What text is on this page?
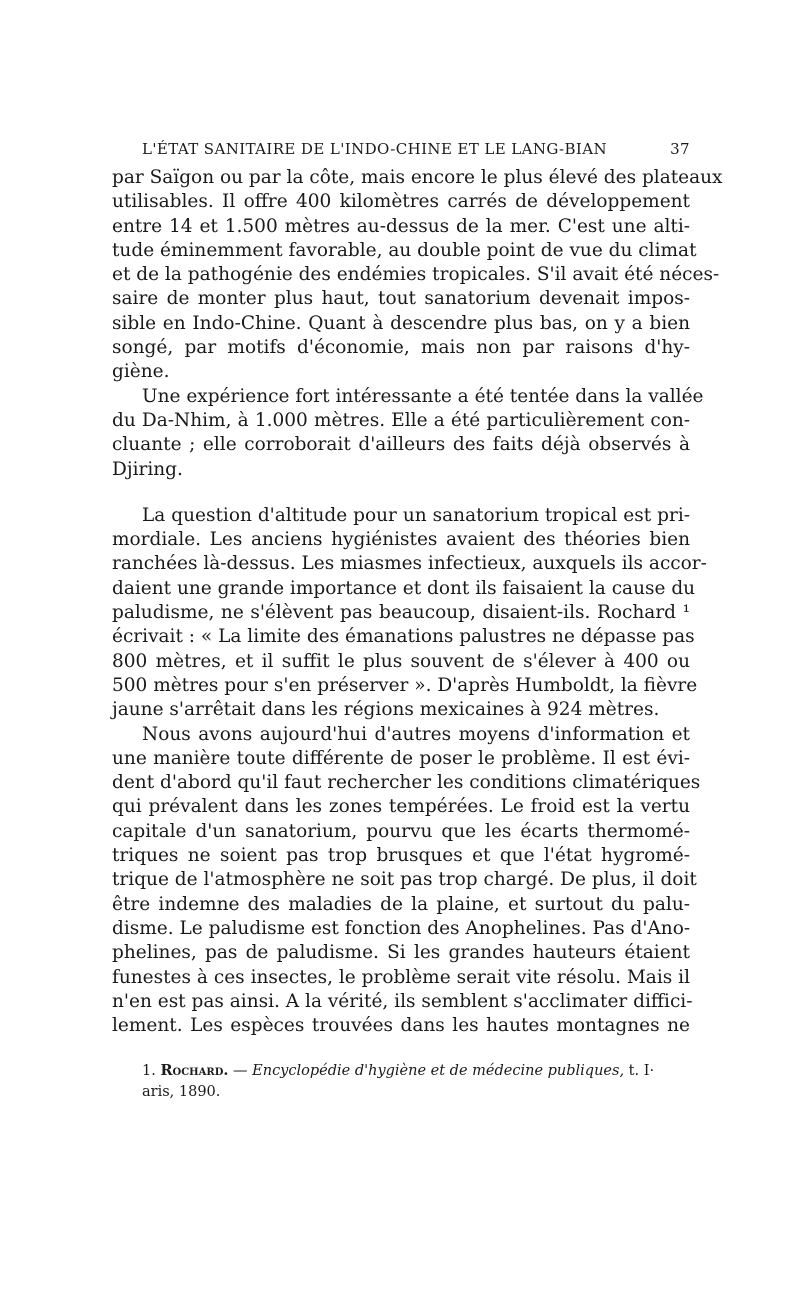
L'ÉTAT SANITAIRE DE L'INDO-CHINE ET LE LANG-BIAN	37
par Saïgon ou par la côte, mais encore le plus élevé des plateaux
utilisables. Il offre 400 kilomètres carrés de développement
entre 14 et 1.500 mètres au-dessus de la mer. C'est une alti-
tude éminemment favorable, au double point de vue du climat
et de la pathogénie des endémies tropicales. S'il avait été néces-
saire de monter plus haut, tout sanatorium devenait impos-
sible en Indo-Chine. Quant à descendre plus bas, on y a bien
songé, par motifs d'économie, mais non par raisons d'hy-
giène.
Une expérience fort intéressante a été tentée dans la vallée
du Da-Nhim, à 1.000 mètres. Elle a été particulièrement con-
cluante ; elle corroborait d'ailleurs des faits déjà observés à
Djiring.
La question d'altitude pour un sanatorium tropical est pri-
mordiale. Les anciens hygiénistes avaient des théories bien
ranchées là-dessus. Les miasmes infectieux, auxquels ils accor-
daient une grande importance et dont ils faisaient la cause du
paludisme, ne s'élèvent pas beaucoup, disaient-ils. Rochard ¹
écrivait : « La limite des émanations palustres ne dépasse pas
800 mètres, et il suffit le plus souvent de s'élever à 400 ou
500 mètres pour s'en préserver ». D'après Humboldt, la fièvre
jaune s'arrêtait dans les régions mexicaines à 924 mètres.
Nous avons aujourd'hui d'autres moyens d'information et
une manière toute différente de poser le problème. Il est évi-
dent d'abord qu'il faut rechercher les conditions climatériques
qui prévalent dans les zones tempérées. Le froid est la vertu
capitale d'un sanatorium, pourvu que les écarts thermomé-
triques ne soient pas trop brusques et que l'état hygromé-
trique de l'atmosphère ne soit pas trop chargé. De plus, il doit
être indemne des maladies de la plaine, et surtout du palu-
disme. Le paludisme est fonction des Anophelines. Pas d'Ano-
phelines, pas de paludisme. Si les grandes hauteurs étaient
funestes à ces insectes, le problème serait vite résolu. Mais il
n'en est pas ainsi. A la vérité, ils semblent s'acclimater diffici-
lement. Les espèces trouvées dans les hautes montagnes ne
1. Rochard. — Encyclopédie d'hygiène et de médecine publiques, t. I·
aris, 1890.
